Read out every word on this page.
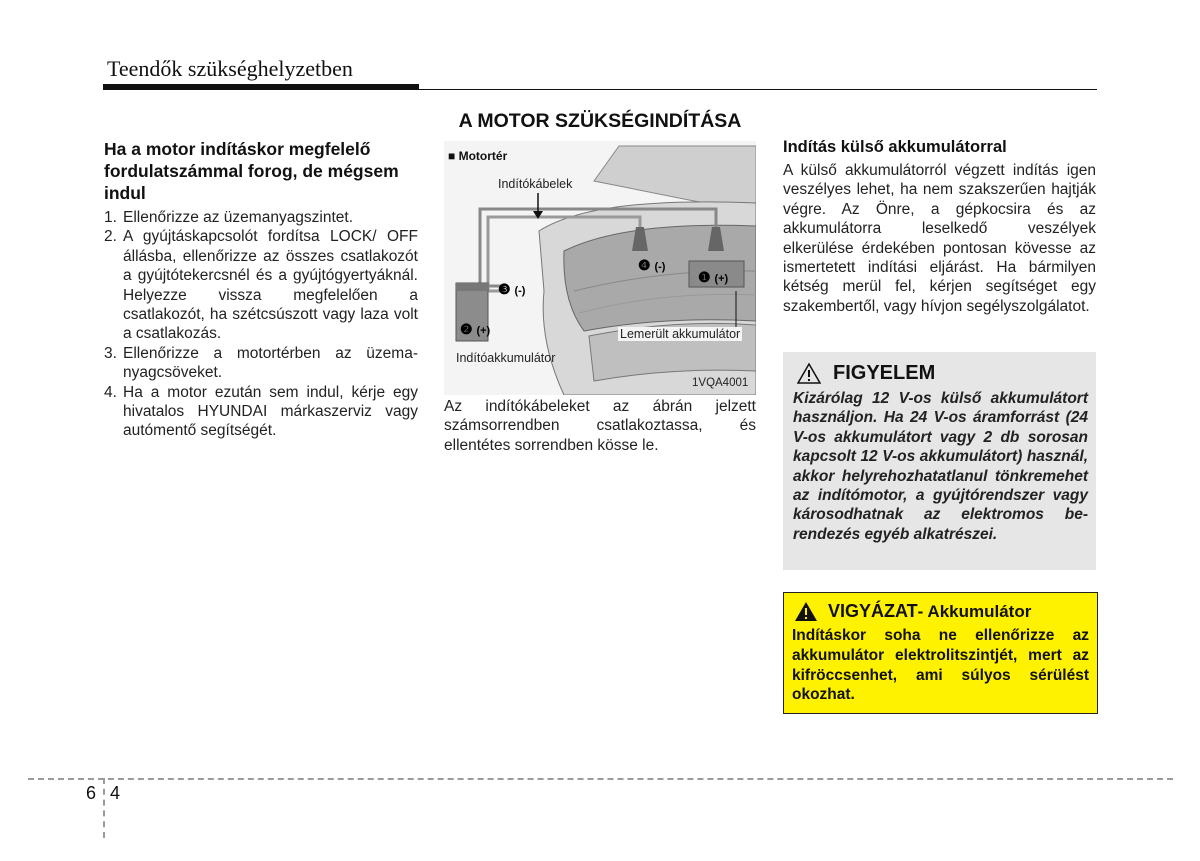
Teendők szükséghelyzetben
Ha a motor indításkor megfelelő fordulatszámmal forog, de mégsem indul
1. Ellenőrizze az üzemanyagszintet.
2. A gyújtáskapcsolót fordítsa LOCK/ OFF állásba, ellenőrizze az összes csatlakozót a gyújtótekercsnél és a gyújtógyertyáknál. Helyezze vissza megfelelően a csatlakozót, ha szétcsúszott vagy laza volt a csatlakozás.
3. Ellenőrizze a motortérben az üzemanyagcsöveket.
4. Ha a motor ezután sem indul, kérje egy hivatalos HYUNDAI márkaszerviz vagy autómentő segítségét.
A MOTOR SZÜKSÉGINDÍTÁSA
■ Motortér
Indítókábelek
Lemerült akkumulátor
Indítóakkumulátor
1VQA4001
❶ (+)
❷ (+)
❸ (-)
❹ (-)
Az indítókábeleket az ábrán jelzett számsorrendben csatlakoztassa, és ellentétes sorrendben kösse le.
Indítás külső akkumulátorral

A külső akkumulátorról végzett indítás igen veszélyes lehet, ha nem szakszerűen hajtják végre. Az Önre, a gépkocsira és az akkumulátorra leselkedő veszélyek elkerülése érdekében pontosan kövesse az ismertetett indítási eljárást. Ha bármilyen kétség merül fel, kérjen segítséget egy szakembertől, vagy hívjon segélyszolgálatot.

FIGYELEM

Kizárólag 12 V-os külső akkumulátort használjon. Ha 24 V-os áramforrást (24 V-os akkumulátort vagy 2 db sorosan kapcsolt 12 V-os akkumulátort) használ, akkor helyrehozhatatlanul tönkremehet az indítómotor, a gyújtórendszer vagy károsodhatnak az elektromos berendezés egyéb alkatrészei.

VIGYÁZAT - Akkumulátor

Indításkor soha ne ellenőrizze az akkumulátor elektrolitszintjét, mert az kifröccsenhet, ami súlyos sérülést okozhat.

6 4
